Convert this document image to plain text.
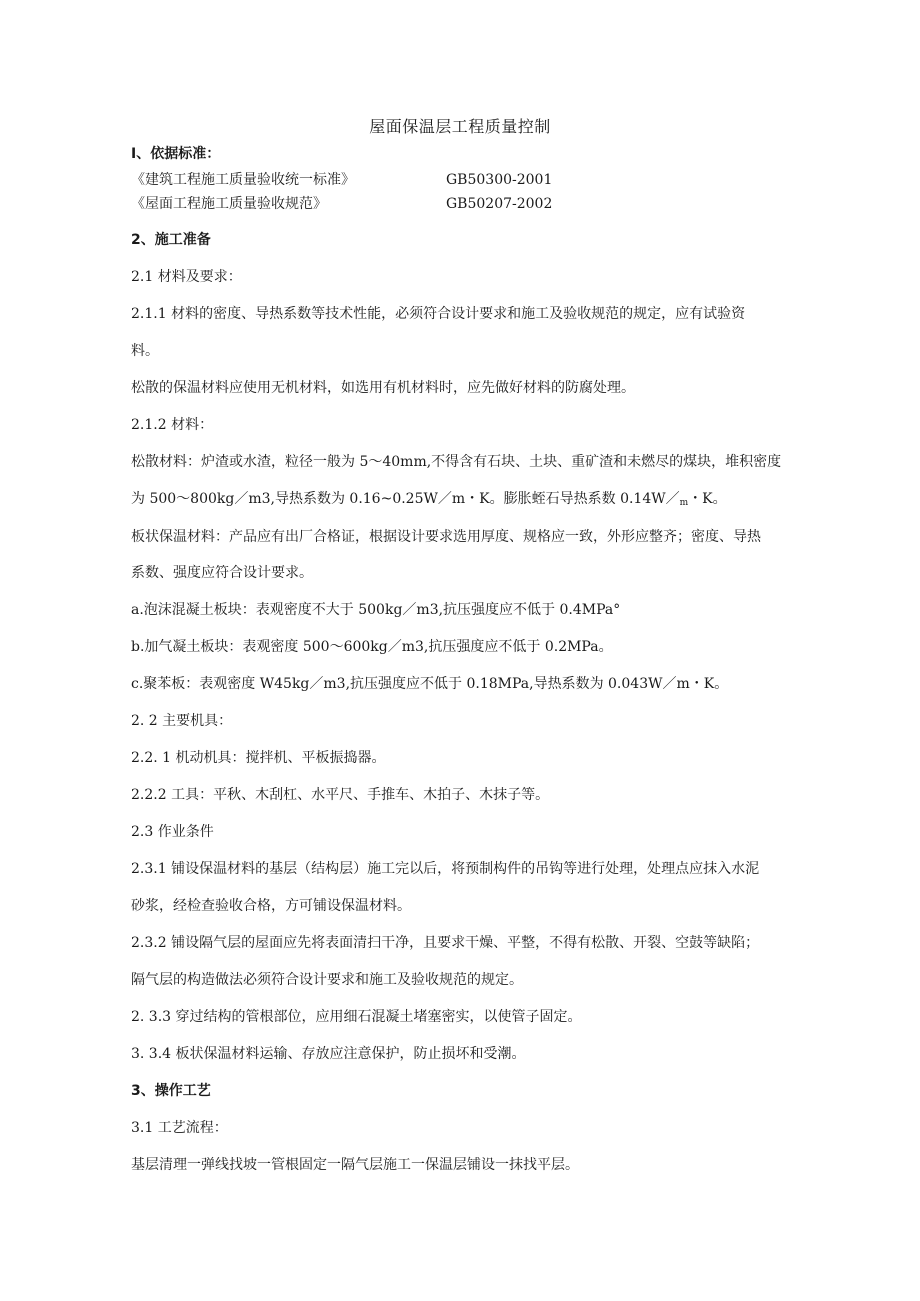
屋面保温层工程质量控制
I、依据标准：
《建筑工程施工质量验收统一标准》	GB50300-2001
《屋面工程施工质量验收规范》	GB50207-2002
2、施工准备
2.1 材料及要求：
2.1.1 材料的密度、导热系数等技术性能，必须符合设计要求和施工及验收规范的规定，应有试验资
料。
松散的保温材料应使用无机材料，如选用有机材料时，应先做好材料的防腐处理。
2.1.2 材料：
松散材料：炉渣或水渣，粒径一般为 5～40mm,不得含有石块、土块、重矿渣和未燃尽的煤块，堆积密度
为 500～800kg／m3,导热系数为 0.16~0.25W／m・K。膨胀蛭石导热系数 $0.14W/_m$・K。
板状保温材料：产品应有出厂合格证，根据设计要求选用厚度、规格应一致，外形应整齐；密度、导热
系数、强度应符合设计要求。
a.泡沫混凝土板块：表观密度不大于 500kg／m3,抗压强度应不低于 0.4MPa°
b.加气凝土板块：表观密度 500～600kg／m3,抗压强度应不低于 0.2MPa。
c.聚苯板：表观密度 W45kg／m3,抗压强度应不低于 0.18MPa,导热系数为 0.043W／m・K。
2. 2 主要机具：
2.2. 1 机动机具：搅拌机、平板振捣器。
2.2.2 工具：平秋、木刮杠、水平尺、手推车、木拍子、木抹子等。
2.3 作业条件
2.3.1 铺设保温材料的基层（结构层）施工完以后，将预制构件的吊钩等进行处理，处理点应抹入水泥
砂浆，经检查验收合格，方可铺设保温材料。
2.3.2 铺设隔气层的屋面应先将表面清扫干净，且要求干燥、平整，不得有松散、开裂、空鼓等缺陷；
隔气层的构造做法必须符合设计要求和施工及验收规范的规定。
2. 3.3 穿过结构的管根部位，应用细石混凝土堵塞密实，以使管子固定。
3. 3.4 板状保温材料运输、存放应注意保护，防止损坏和受潮。
3、操作工艺
3.1 工艺流程：
基层清理一弹线找坡一管根固定一隔气层施工一保温层铺设一抹找平层。
